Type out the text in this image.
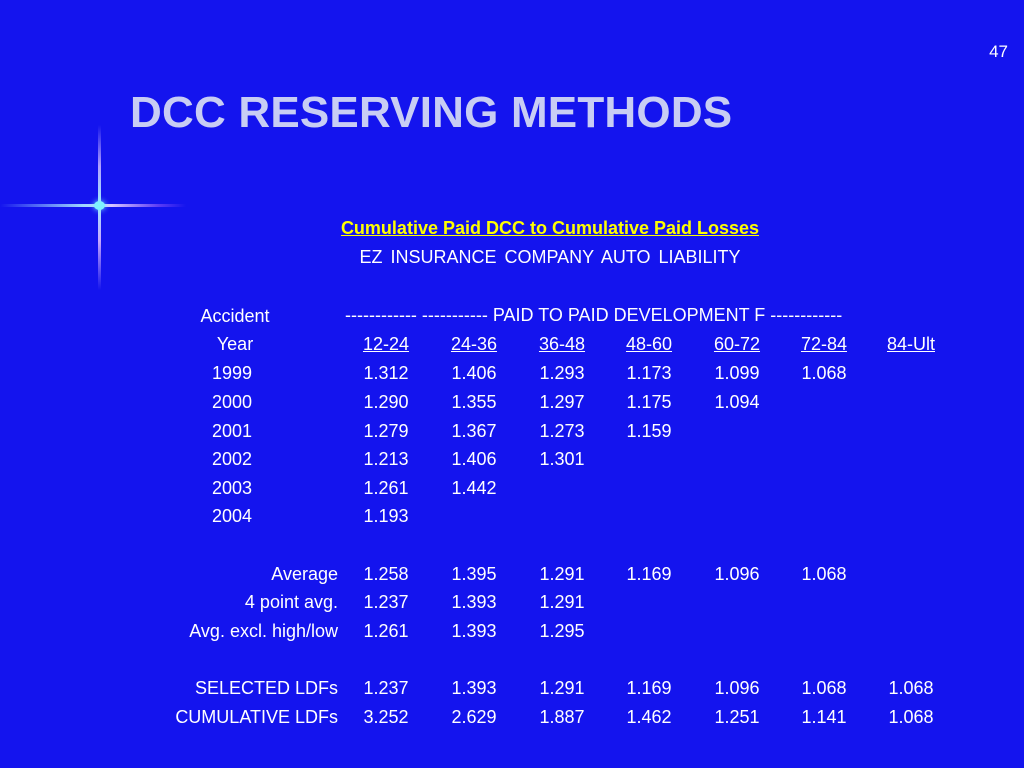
47
DCC RESERVING METHODS
Cumulative Paid DCC to Cumulative Paid Losses
EZ INSURANCE COMPANY AUTO LIABILITY
Accident
Year
------------ ----------- PAID TO PAID DEVELOPMENT F ------------
12-24	24-36	36-48	48-60	60-72	72-84	84-Ult
1999	1.312	1.406	1.293	1.173	1.099	1.068
2000	1.290	1.355	1.297	1.175	1.094
2001	1.279	1.367	1.273	1.159
2002	1.213	1.406	1.301
2003	1.261	1.442
2004	1.193
Average	1.258	1.395	1.291	1.169	1.096	1.068
4 point avg.	1.237	1.393	1.291
Avg. excl. high/low	1.261	1.393	1.295
SELECTED LDFs	1.237	1.393	1.291	1.169	1.096	1.068	1.068
CUMULATIVE LDFs	3.252	2.629	1.887	1.462	1.251	1.141	1.068
